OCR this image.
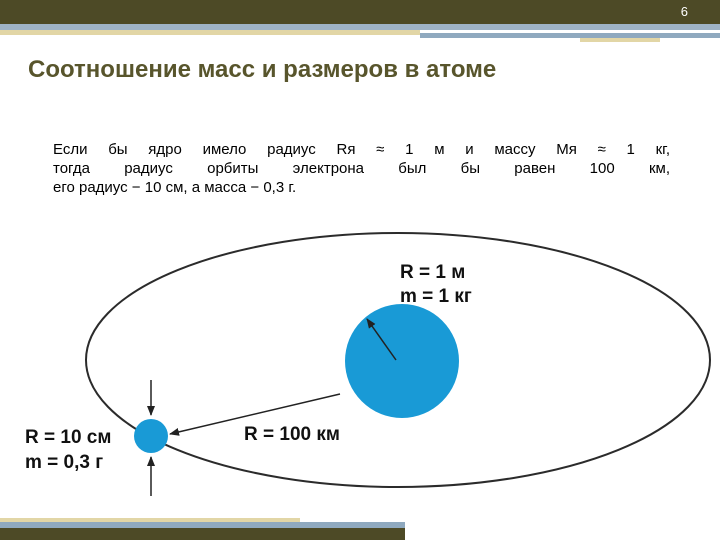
6
Соотношение масс и размеров в атоме
Если бы ядро имело радиус Rя ≈ 1 м и массу Mя ≈ 1 кг,
тогда радиус орбиты электрона был бы равен 100 км,
его радиус − 10 см, а масса − 0,3 г.
R = 1 м
m = 1 кг
R = 10 см
m = 0,3 г
R = 100 км
